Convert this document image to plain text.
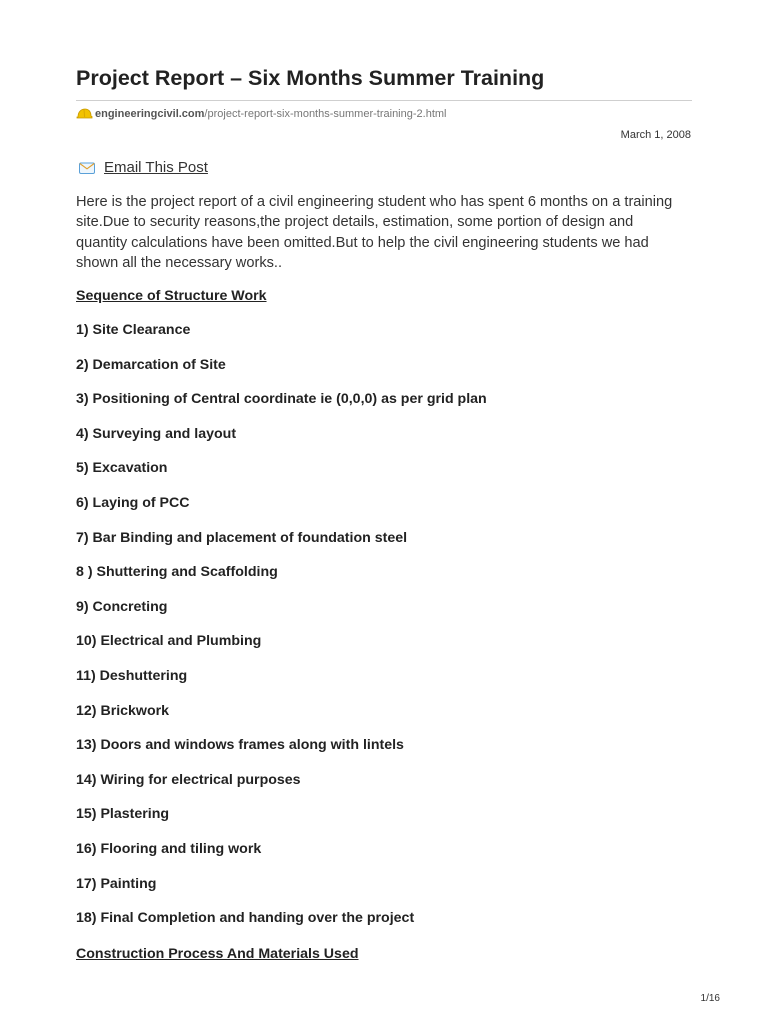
Project Report – Six Months Summer Training
engineeringcivil.com /project-report-six-months-summer-training-2.html
March 1, 2008
Email This Post

Here is the project report of a civil engineering student who has spent 6 months on a training site.Due to security reasons,the project details, estimation, some portion of design and quantity calculations have been omitted.But to help the civil engineering students we had shown all the necessary works..

Sequence of Structure Work
1) Site Clearance
2) Demarcation of Site
3) Positioning of Central coordinate ie (0,0,0) as per grid plan
4) Surveying and layout
5) Excavation
6) Laying of PCC
7) Bar Binding and placement of foundation steel
8 ) Shuttering and Scaffolding
9) Concreting
10) Electrical and Plumbing
11) Deshuttering
12) Brickwork
13) Doors and windows frames along with lintels
14) Wiring for electrical purposes
15) Plastering
16) Flooring and tiling work
17) Painting
18) Final Completion and handing over the project
Construction Process And Materials Used
1/16
